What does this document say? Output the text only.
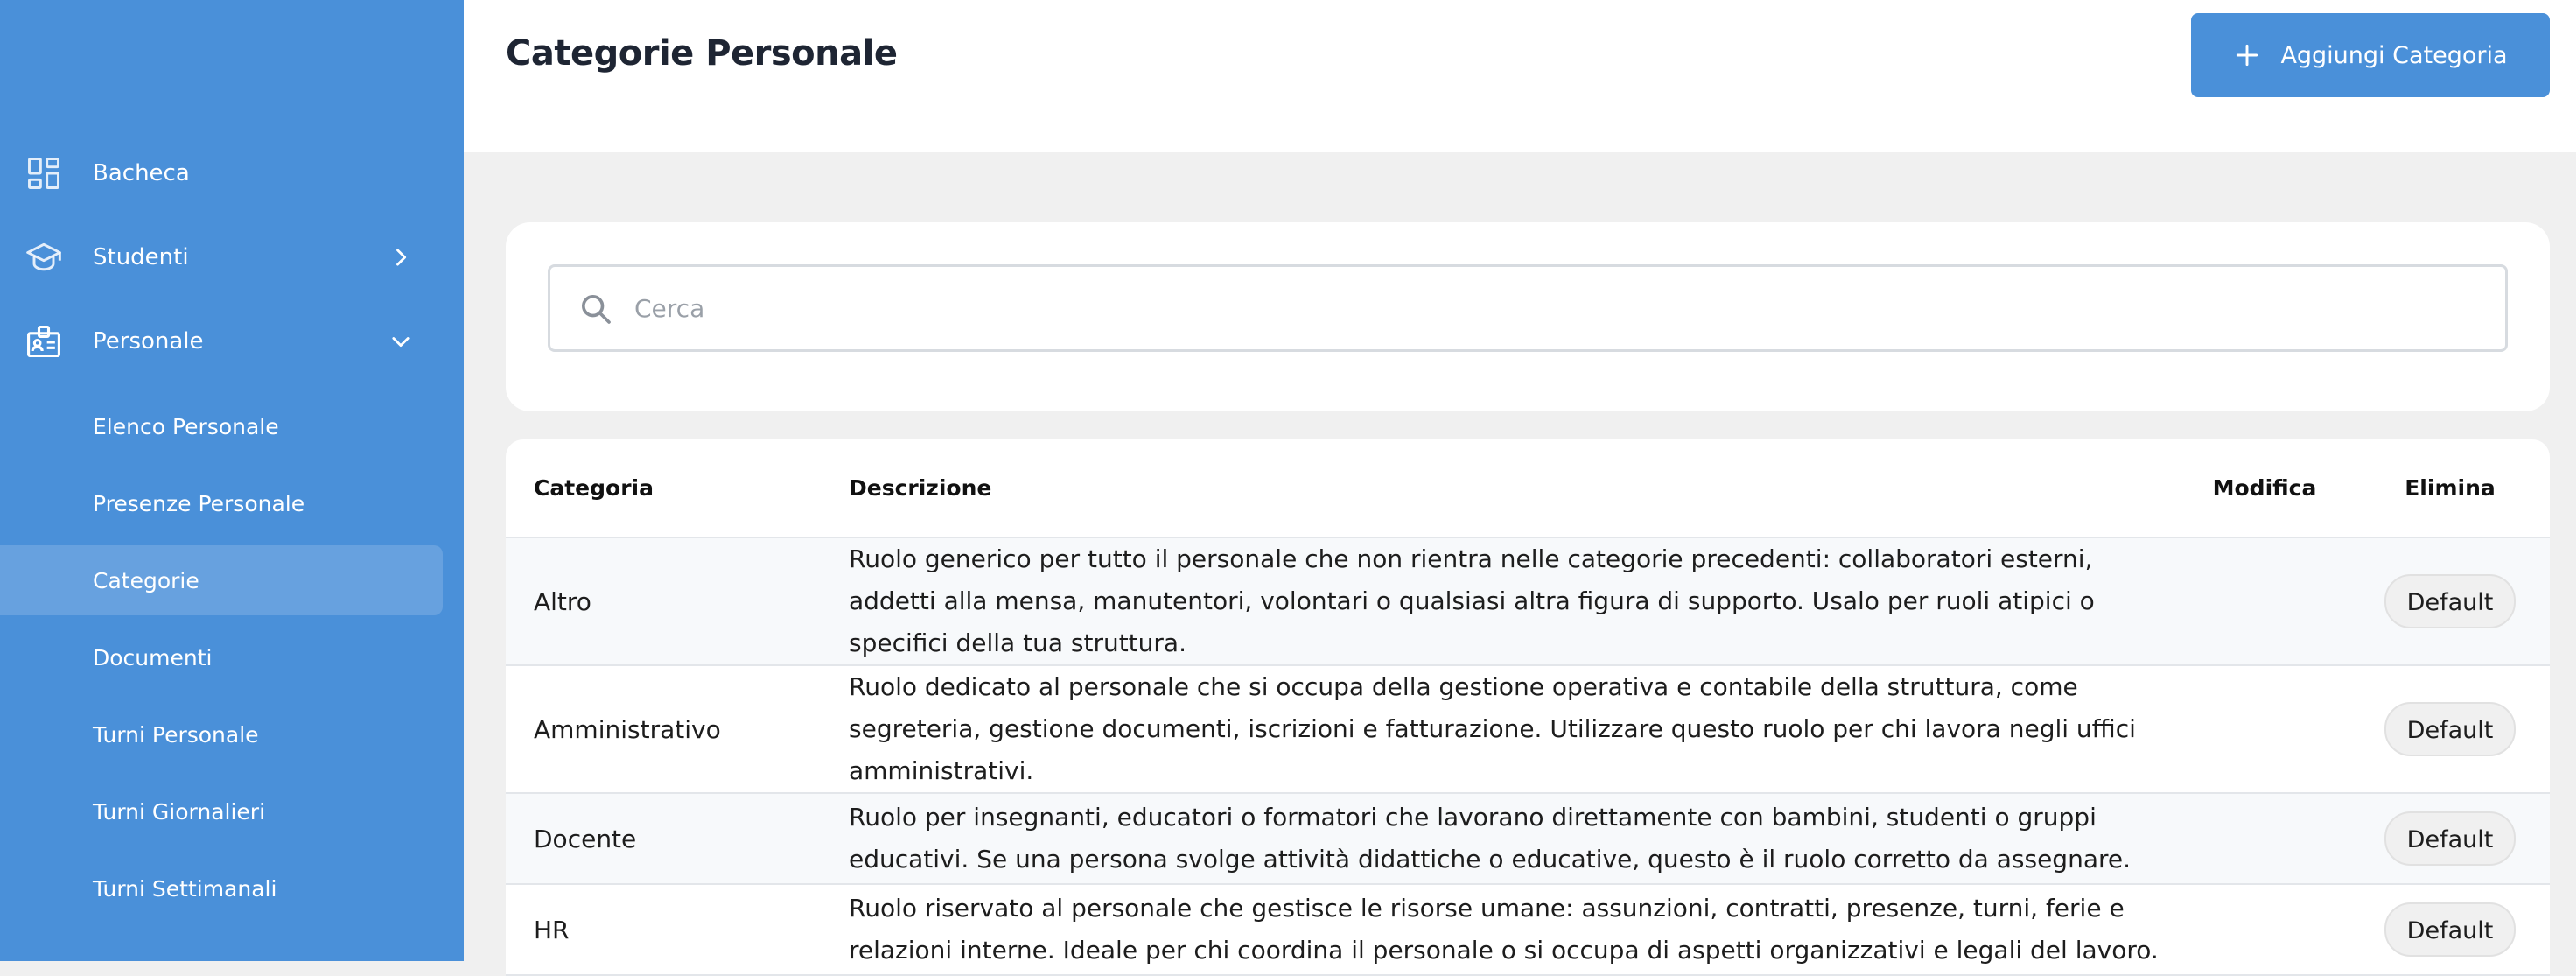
Bacheca
Studenti
Personale
Elenco Personale
Presenze Personale
Categorie
Documenti
Turni Personale
Turni Giornalieri
Turni Settimanali
Categorie Personale	Aggiungi Categoria
Cerca
Categoria	Descrizione	Modifica	Elimina
Altro	Ruolo generico per tutto il personale che non rientra nelle categorie precedenti: collaboratori esterni, addetti alla mensa, manutentori, volontari o qualsiasi altra figura di supporto. Usalo per ruoli atipici o specifici della tua struttura.		Default
Amministrativo	Ruolo dedicato al personale che si occupa della gestione operativa e contabile della struttura, come segreteria, gestione documenti, iscrizioni e fatturazione. Utilizzare questo ruolo per chi lavora negli uffici amministrativi.		Default
Docente	Ruolo per insegnanti, educatori o formatori che lavorano direttamente con bambini, studenti o gruppi educativi. Se una persona svolge attività didattiche o educative, questo è il ruolo corretto da assegnare.		Default
HR	Ruolo riservato al personale che gestisce le risorse umane: assunzioni, contratti, presenze, turni, ferie e relazioni interne. Ideale per chi coordina il personale o si occupa di aspetti organizzativi e legali del lavoro.		Default
